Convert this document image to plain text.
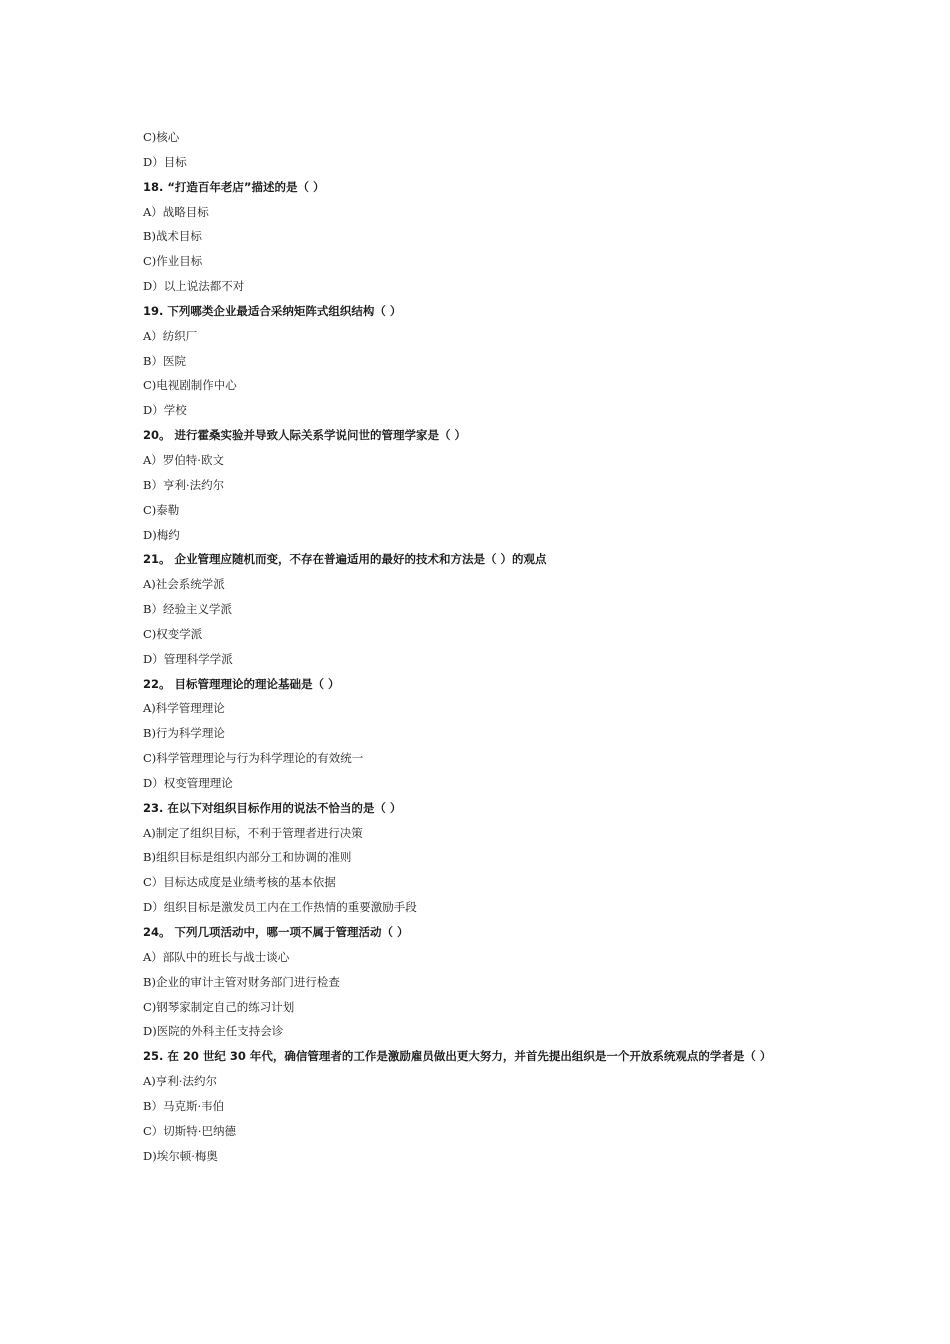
C)核心
D）目标
18. “打造百年老店”描述的是（ ）
A）战略目标
B)战术目标
C)作业目标
D）以上说法都不对
19. 下列哪类企业最适合采纳矩阵式组织结构（ ）
A）纺织厂
B）医院
C)电视剧制作中心
D）学校
20。 进行霍桑实验并导致人际关系学说问世的管理学家是（ ）
A）罗伯特·欧文
B）亨利·法约尔
C)泰勒
D)梅约
21。 企业管理应随机而变，不存在普遍适用的最好的技术和方法是（ ）的观点
A)社会系统学派
B）经验主义学派
C)权变学派
D）管理科学学派
22。 目标管理理论的理论基础是（ ）
A)科学管理理论
B)行为科学理论
C)科学管理理论与行为科学理论的有效统一
D）权变管理理论
23. 在以下对组织目标作用的说法不恰当的是（ ）
A)制定了组织目标，不利于管理者进行决策
B)组织目标是组织内部分工和协调的准则
C）目标达成度是业绩考核的基本依据
D）组织目标是激发员工内在工作热情的重要激励手段
24。 下列几项活动中，哪一项不属于管理活动（ ）
A）部队中的班长与战士谈心
B)企业的审计主管对财务部门进行检查
C)钢琴家制定自己的练习计划
D)医院的外科主任支持会诊
25. 在 20 世纪 30 年代，确信管理者的工作是激励雇员做出更大努力，并首先提出组织是一个开放系统观点的学者是（ ）
A)亨利·法约尔
B）马克斯·韦伯
C）切斯特·巴纳德
D)埃尔顿·梅奥
